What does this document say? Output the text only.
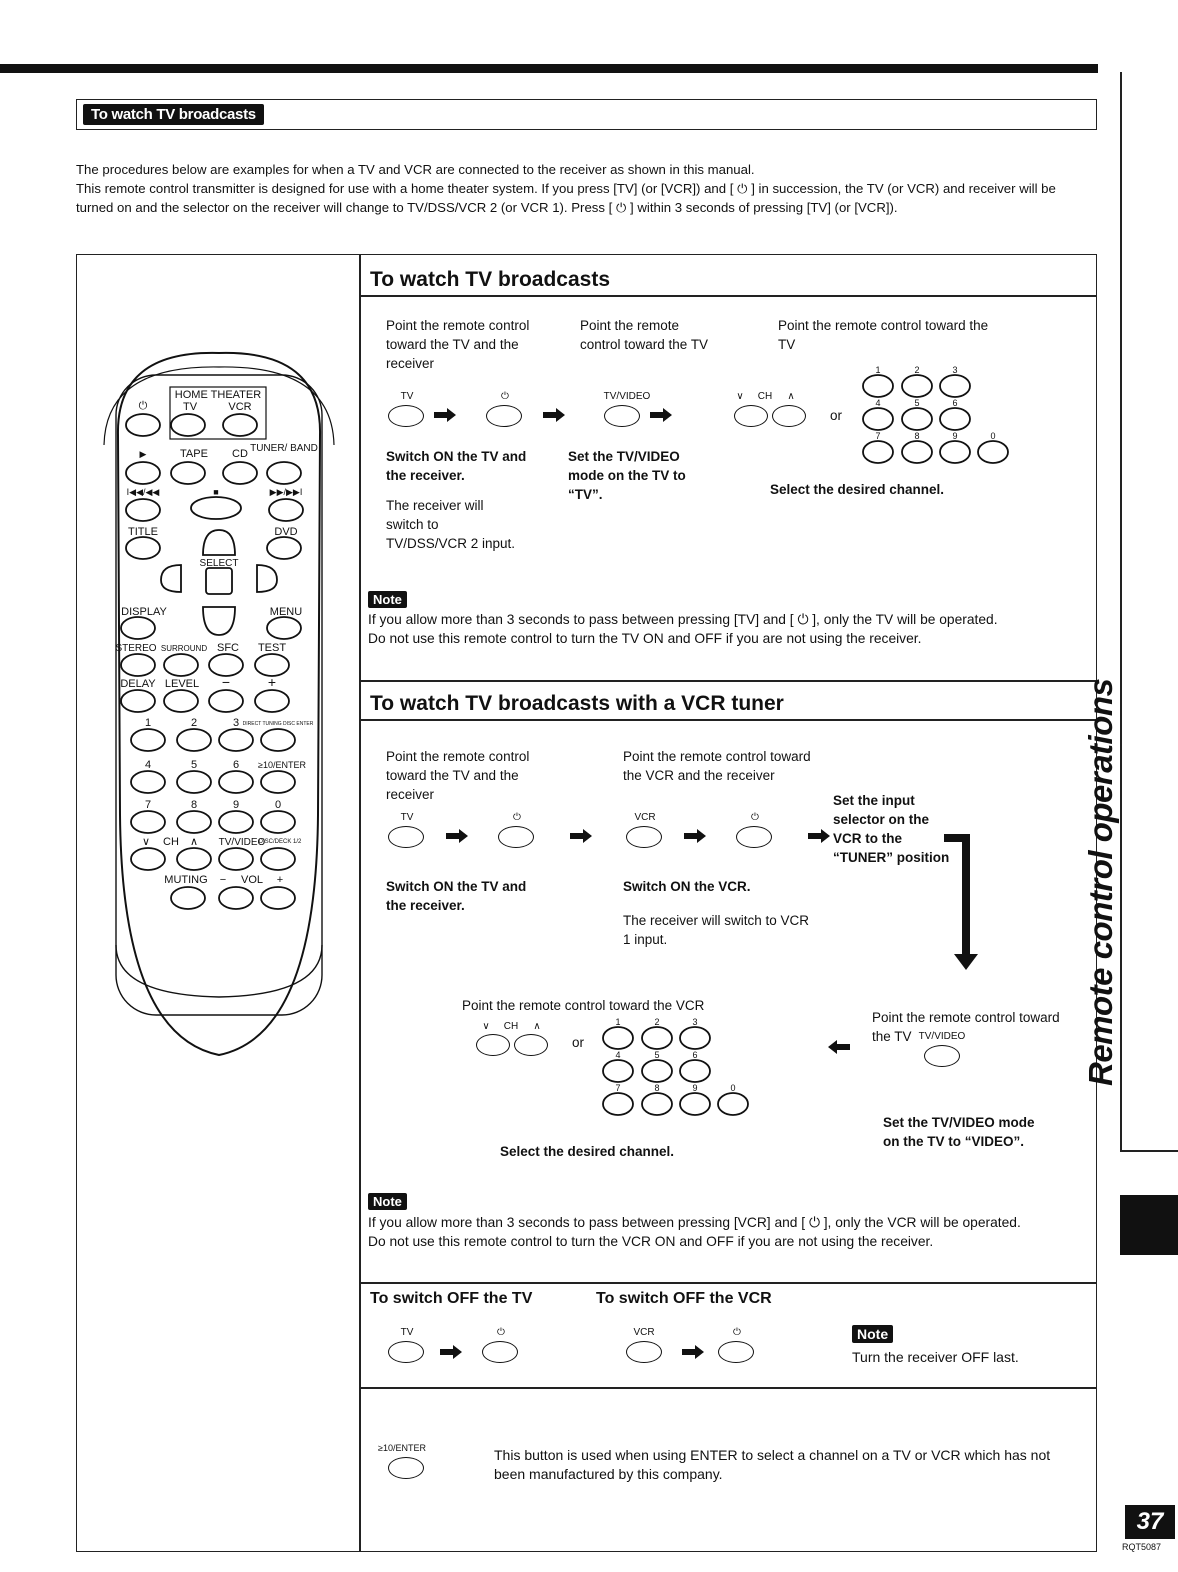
To watch TV broadcasts
The procedures below are examples for when a TV and VCR are connected to the receiver as shown in this manual.
This remote control transmitter is designed for use with a home theater system. If you press [TV] (or [VCR]) and [ ⏻ ] in succession, the TV (or VCR) and receiver will be turned on and the selector on the receiver will change to TV/DSS/VCR 2 (or VCR 1). Press [ ⏻ ] within 3 seconds of pressing [TV] (or [VCR]).
HOME THEATER
TV	VCR
⏻
TUNER/ BAND
▶	TAPE CD
I◀◀/◀◀	■	▶▶/▶▶I
TITLE	DVD
SELECT
DISPLAY	MENU
STEREO SURROUND SFC TEST
DELAY LEVEL −	+
DIRECT TUNING DISC ENTER
1	2	3
4	5	6 ≥10/ENTER
7	8	9	0
∨ CH ∧ TV/VIDEO
DISC/DECK 1/2
MUTING − VOL +
To watch TV broadcasts
Point the remote control toward the TV and the receiver
TV	⏻
Switch ON the TV and the receiver.
The receiver will switch to TV/DSS/VCR 2 input.
Point the remote control toward the TV
TV/VIDEO
Set the TV/VIDEO mode on the TV to “TV”.
Point the remote control toward the TV
∨	CH	∧
or
1	2	3
4	5	6
7	8	9	0
Select the desired channel.
Note
If you allow more than 3 seconds to pass between pressing [TV] and [ ⏻ ], only the TV will be operated.
Do not use this remote control to turn the TV ON and OFF if you are not using the receiver.
To watch TV broadcasts with a VCR tuner
Point the remote control toward the TV and the receiver
TV	⏻
Switch ON the TV and the receiver.
Point the remote control toward the VCR and the receiver
VCR	⏻
Switch ON the VCR.
The receiver will switch to VCR 1 input.
Set the input selector on the VCR to the “TUNER” position
Point the remote control toward the VCR
∨	CH	∧
or
1	2	3
4	5	6
7	8	9	0
Select the desired channel.
Point the remote control toward the TV TV/VIDEO
Set the TV/VIDEO mode on the TV to “VIDEO”.
Note
If you allow more than 3 seconds to pass between pressing [VCR] and [ ⏻ ], only the VCR will be operated.
Do not use this remote control to turn the VCR ON and OFF if you are not using the receiver.
To switch OFF the TV	To switch OFF the VCR
TV	⏻	VCR	⏻	Note
Turn the receiver OFF last.
≥10/ENTER	This button is used when using ENTER to select a channel on a TV or VCR which has not been manufactured by this company.
Remote control operations
37
RQT5087
